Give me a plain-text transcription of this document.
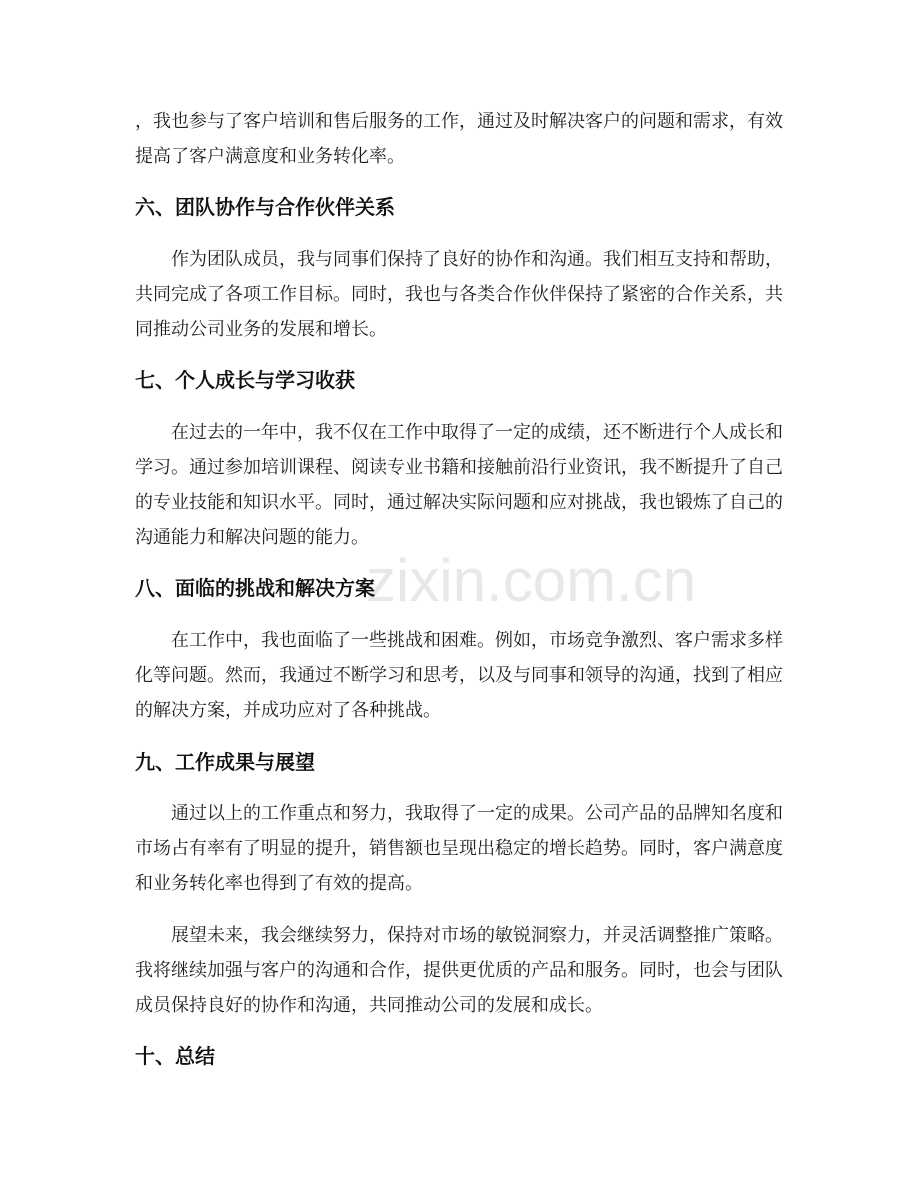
zixin.com.cn
，我也参与了客户培训和售后服务的工作，通过及时解决客户的问题和需求，有效
提高了客户满意度和业务转化率。
六、团队协作与合作伙伴关系
作为团队成员，我与同事们保持了良好的协作和沟通。我们相互支持和帮助，
共同完成了各项工作目标。同时，我也与各类合作伙伴保持了紧密的合作关系，共
同推动公司业务的发展和增长。
七、个人成长与学习收获
在过去的一年中，我不仅在工作中取得了一定的成绩，还不断进行个人成长和
学习。通过参加培训课程、阅读专业书籍和接触前沿行业资讯，我不断提升了自己
的专业技能和知识水平。同时，通过解决实际问题和应对挑战，我也锻炼了自己的
沟通能力和解决问题的能力。
八、面临的挑战和解决方案
在工作中，我也面临了一些挑战和困难。例如，市场竞争激烈、客户需求多样
化等问题。然而，我通过不断学习和思考，以及与同事和领导的沟通，找到了相应
的解决方案，并成功应对了各种挑战。
九、工作成果与展望
通过以上的工作重点和努力，我取得了一定的成果。公司产品的品牌知名度和
市场占有率有了明显的提升，销售额也呈现出稳定的增长趋势。同时，客户满意度
和业务转化率也得到了有效的提高。
展望未来，我会继续努力，保持对市场的敏锐洞察力，并灵活调整推广策略。
我将继续加强与客户的沟通和合作，提供更优质的产品和服务。同时，也会与团队
成员保持良好的协作和沟通，共同推动公司的发展和成长。
十、总结
